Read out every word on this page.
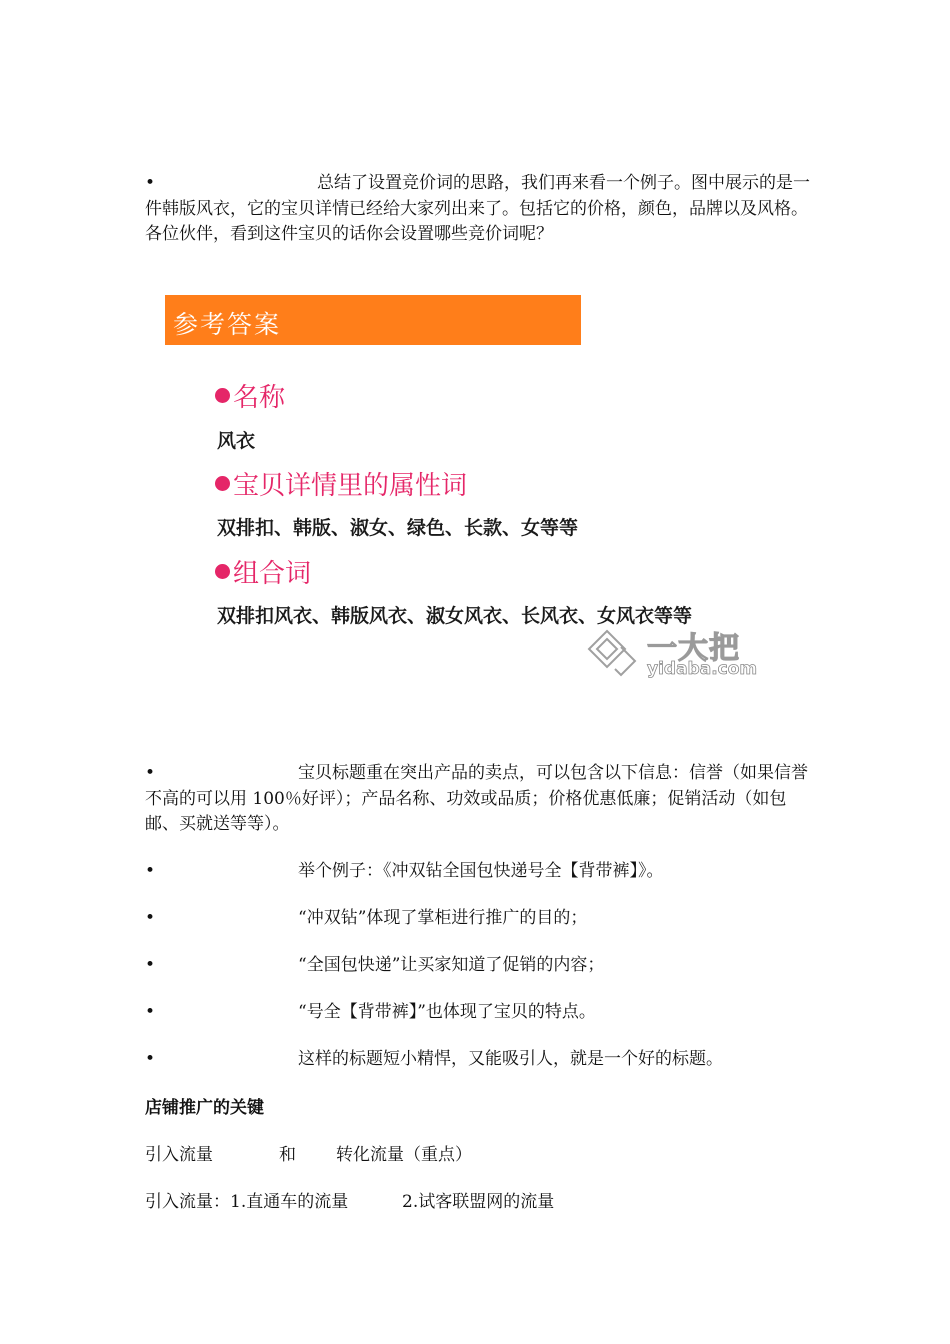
•	总结了设置竞价词的思路，我们再来看一个例子。图中展示的是一件韩版风衣，它的宝贝详情已经给大家列出来了。包括它的价格，颜色，品牌以及风格。各位伙伴，看到这件宝贝的话你会设置哪些竞价词呢？
参考答案
名称
风衣
宝贝详情里的属性词
双排扣、韩版、淑女、绿色、长款、女等等
组合词
双排扣风衣、韩版风衣、淑女风衣、长风衣、女风衣等等
一大把
yidaba.com
•	宝贝标题重在突出产品的卖点，可以包含以下信息：信誉（如果信誉不高的可以用 100％好评）；产品名称、功效或品质；价格优惠低廉；促销活动（如包邮、买就送等等）。
•	举个例子：《冲双钻全国包快递号全【背带裤】》。
•	“冲双钻”体现了掌柜进行推广的目的；
•	“全国包快递”让买家知道了促销的内容；
•	“号全【背带裤】”也体现了宝贝的特点。
•	这样的标题短小精悍，又能吸引人，就是一个好的标题。
店铺推广的关键
引入流量	和 转化流量（重点）
引入流量：1.直通车的流量	2.试客联盟网的流量
